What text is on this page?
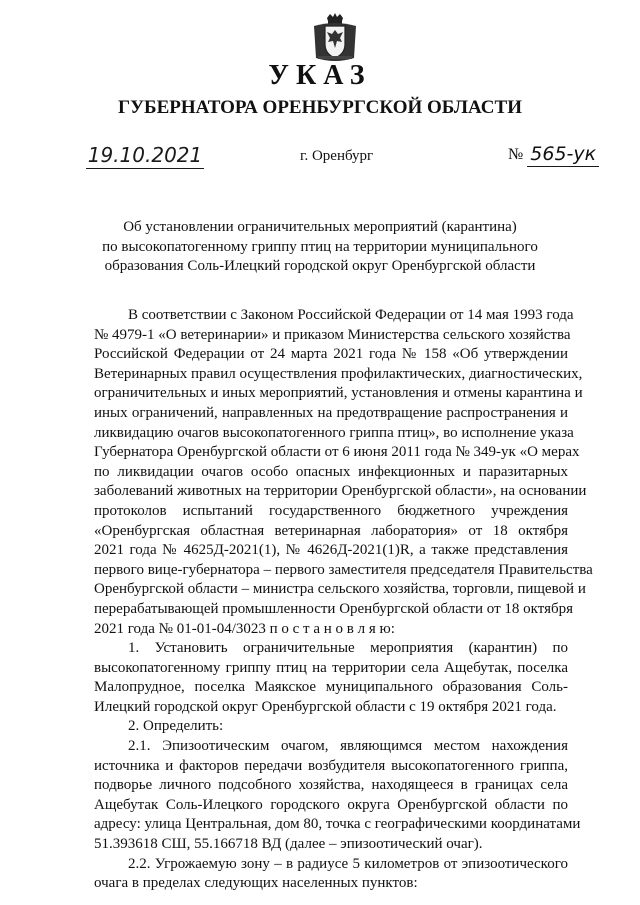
УКАЗ
ГУБЕРНАТОРА ОРЕНБУРГСКОЙ ОБЛАСТИ
19.10.2021	г. Оренбург	№ 565-ук
Об установлении ограничительных мероприятий (карантина)
по высокопатогенному гриппу птиц на территории муниципального
образования Соль-Илецкий городской округ Оренбургской области
В соответствии с Законом Российской Федерации от 14 мая 1993 года
№ 4979-1 «О ветеринарии» и приказом Министерства сельского хозяйства
Российской Федерации от 24 марта 2021 года № 158 «Об утверждении
Ветеринарных правил осуществления профилактических, диагностических,
ограничительных и иных мероприятий, установления и отмены карантина и
иных ограничений, направленных на предотвращение распространения и
ликвидацию очагов высокопатогенного гриппа птиц», во исполнение указа
Губернатора Оренбургской области от 6 июня 2011 года № 349-ук «О мерах
по ликвидации очагов особо опасных инфекционных и паразитарных
заболеваний животных на территории Оренбургской области», на основании
протоколов испытаний государственного бюджетного учреждения
«Оренбургская областная ветеринарная лаборатория» от 18 октября
2021 года № 4625Д-2021(1), № 4626Д-2021(1)R, а также представления
первого вице-губернатора – первого заместителя председателя Правительства
Оренбургской области – министра сельского хозяйства, торговли, пищевой и
перерабатывающей промышленности Оренбургской области от 18 октября
2021 года № 01-01-04/3023 п о с т а н о в л я ю:
1. Установить ограничительные мероприятия (карантин) по
высокопатогенному гриппу птиц на территории села Ащебутак, поселка
Малопрудное, поселка Маякское муниципального образования Соль-
Илецкий городской округ Оренбургской области с 19 октября 2021 года.
2. Определить:
2.1. Эпизоотическим очагом, являющимся местом нахождения
источника и факторов передачи возбудителя высокопатогенного гриппа,
подворье личного подсобного хозяйства, находящееся в границах села
Ащебутак Соль-Илецкого городского округа Оренбургской области по
адресу: улица Центральная, дом 80, точка с географическими координатами
51.393618 СШ, 55.166718 ВД (далее – эпизоотический очаг).
2.2. Угрожаемую зону – в радиусе 5 километров от эпизоотического
очага в пределах следующих населенных пунктов:
